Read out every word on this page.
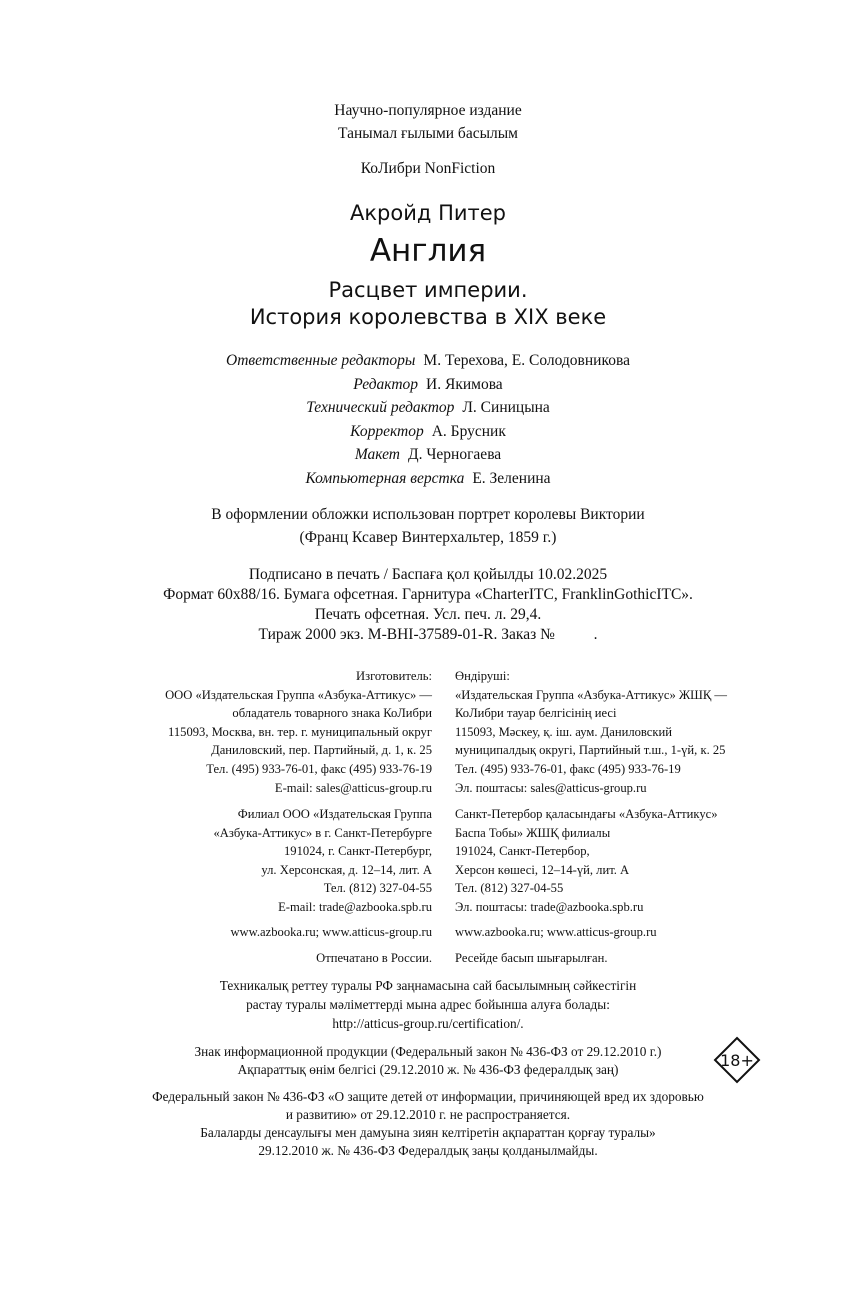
Научно-популярное издание
Танымал ғылыми басылым
КоЛибри NonFiction
Акройд Питер
Англия
Расцвет империи.
История королевства в XIX веке
Ответственные редакторы М. Терехова, Е. Солодовникова
Редактор И. Якимова
Технический редактор Л. Синицына
Корректор А. Брусник
Макет Д. Черногаева
Компьютерная верстка Е. Зеленина
В оформлении обложки использован портрет королевы Виктории
(Франц Ксавер Винтерхальтер, 1859 г.)
Подписано в печать / Баспаға қол қойылды 10.02.2025
Формат 60x88/16. Бумага офсетная. Гарнитура «CharterITC, FranklinGothicITC».
Печать офсетная. Усл. печ. л. 29,4.
Тираж 2000 экз. M-BHI-37589-01-R. Заказ №          .
Изготовитель:
ООО «Издательская Группа «Азбука-Аттикус» —
обладатель товарного знака КоЛибри
115093, Москва, вн. тер. г. муниципальный округ
Даниловский, пер. Партийный, д. 1, к. 25
Тел. (495) 933-76-01, факс (495) 933-76-19
E-mail: sales@atticus-group.ru
Өндіруші:
«Издательская Группа «Азбука-Аттикус» ЖШҚ —
КоЛибри тауар белгісінің иесі
115093, Мәскеу, қ. іш. аум. Даниловский
муниципалдық округі, Партийный т.ш., 1-үй, к. 25
Тел. (495) 933-76-01, факс (495) 933-76-19
Эл. поштасы: sales@atticus-group.ru
Филиал ООО «Издательская Группа
«Азбука-Аттикус» в г. Санкт-Петербурге
191024, г. Санкт-Петербург,
ул. Херсонская, д. 12–14, лит. А
Тел. (812) 327-04-55
E-mail: trade@azbooka.spb.ru
Санкт-Петербор қаласындағы «Азбука-Аттикус»
Баспа Тобы» ЖШҚ филиалы
191024, Санкт-Петербор,
Херсон көшесі, 12–14-үй, лит. А
Тел. (812) 327-04-55
Эл. поштасы: trade@azbooka.spb.ru
www.azbooka.ru; www.atticus-group.ru www.azbooka.ru; www.atticus-group.ru
Отпечатано в России. Ресейде басып шығарылған.
Техникалық реттеу туралы РФ заңнамасына сай басылымның сәйкестігін
растау туралы мәліметтерді мына адрес бойынша алуға болады:
http://atticus-group.ru/certification/.
Знак информационной продукции (Федеральный закон № 436-ФЗ от 29.12.2010 г.)
Ақпараттық өнім белгісі (29.12.2010 ж. № 436-ФЗ федералдық заң)	18+
Федеральный закон № 436-ФЗ «О защите детей от информации, причиняющей вред их здоровью
и развитию» от 29.12.2010 г. не распространяется.
Балаларды денсаулығы мен дамуына зиян келтіретін ақпараттан қорғау туралы»
29.12.2010 ж. № 436-ФЗ Федералдық заңы қолданылмайды.
